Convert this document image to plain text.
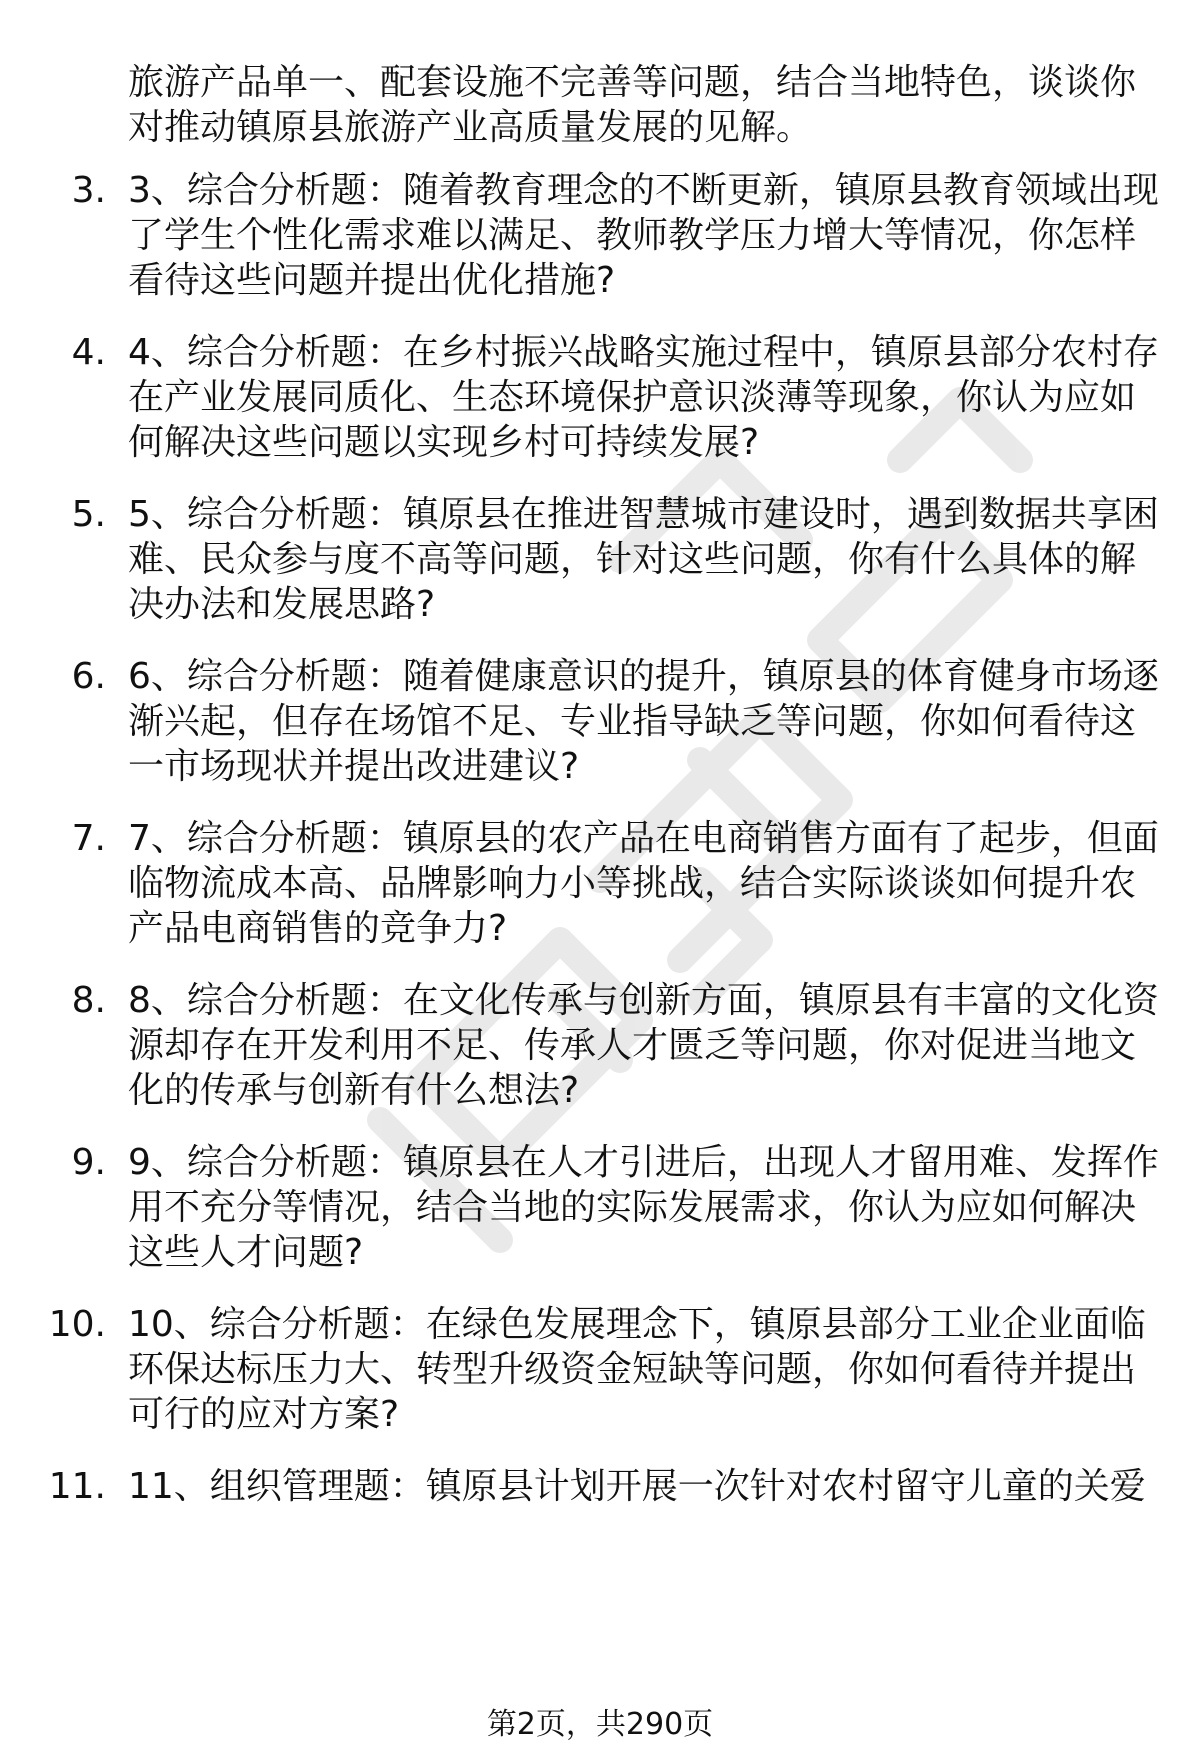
旅游产品单一、配套设施不完善等问题，结合当地特色，谈谈你对推动镇原县旅游产业高质量发展的见解。

3. 3、综合分析题：随着教育理念的不断更新，镇原县教育领域出现了学生个性化需求难以满足、教师教学压力增大等情况，你怎样看待这些问题并提出优化措施?

4. 4、综合分析题：在乡村振兴战略实施过程中，镇原县部分农村存在产业发展同质化、生态环境保护意识淡薄等现象，你认为应如何解决这些问题以实现乡村可持续发展?

5. 5、综合分析题：镇原县在推进智慧城市建设时，遇到数据共享困难、民众参与度不高等问题，针对这些问题，你有什么具体的解决办法和发展思路?

6. 6、综合分析题：随着健康意识的提升，镇原县的体育健身市场逐渐兴起，但存在场馆不足、专业指导缺乏等问题，你如何看待这一市场现状并提出改进建议?

7. 7、综合分析题：镇原县的农产品在电商销售方面有了起步，但面临物流成本高、品牌影响力小等挑战，结合实际谈谈如何提升农产品电商销售的竞争力?

8. 8、综合分析题：在文化传承与创新方面，镇原县有丰富的文化资源却存在开发利用不足、传承人才匮乏等问题，你对促进当地文化的传承与创新有什么想法?

9. 9、综合分析题：镇原县在人才引进后，出现人才留用难、发挥作用不充分等情况，结合当地的实际发展需求，你认为应如何解决这些人才问题?

10. 10、综合分析题：在绿色发展理念下，镇原县部分工业企业面临环保达标压力大、转型升级资金短缺等问题，你如何看待并提出可行的应对方案?

11. 11、组织管理题：镇原县计划开展一次针对农村留守儿童的关爱

第2页，共290页
